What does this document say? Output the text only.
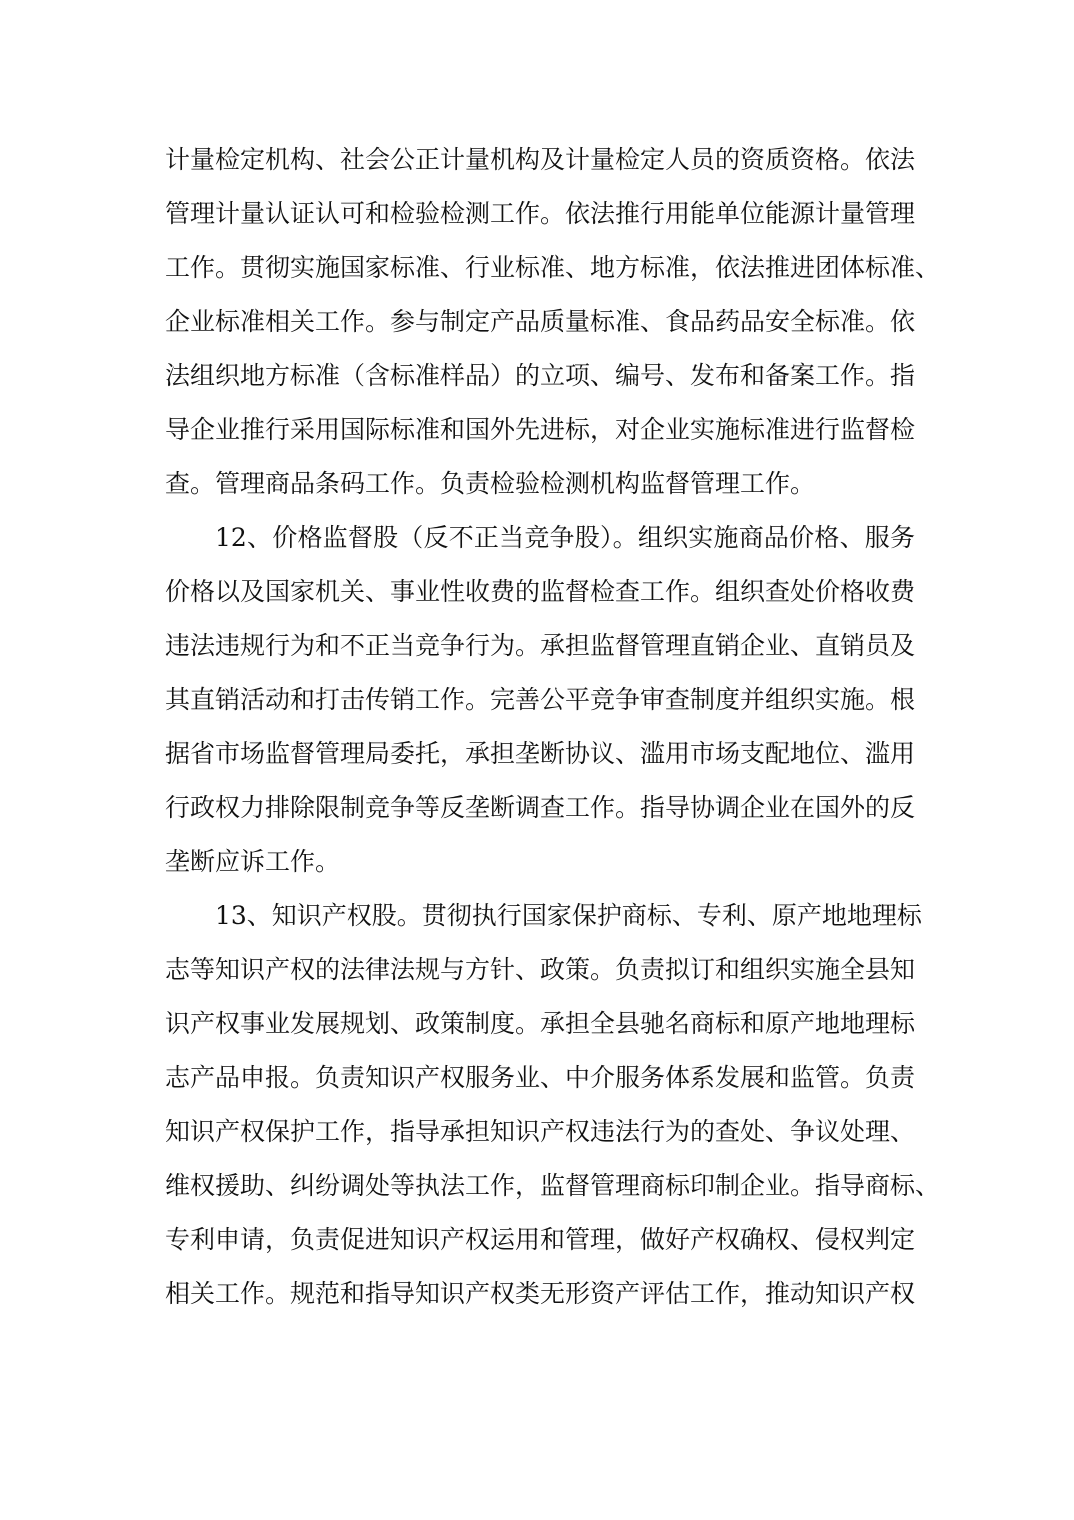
计量检定机构、社会公正计量机构及计量检定人员的资质资格。依法
管理计量认证认可和检验检测工作。依法推行用能单位能源计量管理
工作。贯彻实施国家标准、行业标准、地方标准，依法推进团体标准、
企业标准相关工作。参与制定产品质量标准、食品药品安全标准。依
法组织地方标准（含标准样品）的立项、编号、发布和备案工作。指
导企业推行采用国际标准和国外先进标，对企业实施标准进行监督检
查。管理商品条码工作。负责检验检测机构监督管理工作。
12、价格监督股（反不正当竞争股）。组织实施商品价格、服务
价格以及国家机关、事业性收费的监督检查工作。组织查处价格收费
违法违规行为和不正当竞争行为。承担监督管理直销企业、直销员及
其直销活动和打击传销工作。完善公平竞争审查制度并组织实施。根
据省市场监督管理局委托，承担垄断协议、滥用市场支配地位、滥用
行政权力排除限制竞争等反垄断调查工作。指导协调企业在国外的反
垄断应诉工作。
13、知识产权股。贯彻执行国家保护商标、专利、原产地地理标
志等知识产权的法律法规与方针、政策。负责拟订和组织实施全县知
识产权事业发展规划、政策制度。承担全县驰名商标和原产地地理标
志产品申报。负责知识产权服务业、中介服务体系发展和监管。负责
知识产权保护工作，指导承担知识产权违法行为的查处、争议处理、
维权援助、纠纷调处等执法工作，监督管理商标印制企业。指导商标、
专利申请，负责促进知识产权运用和管理，做好产权确权、侵权判定
相关工作。规范和指导知识产权类无形资产评估工作，推动知识产权
